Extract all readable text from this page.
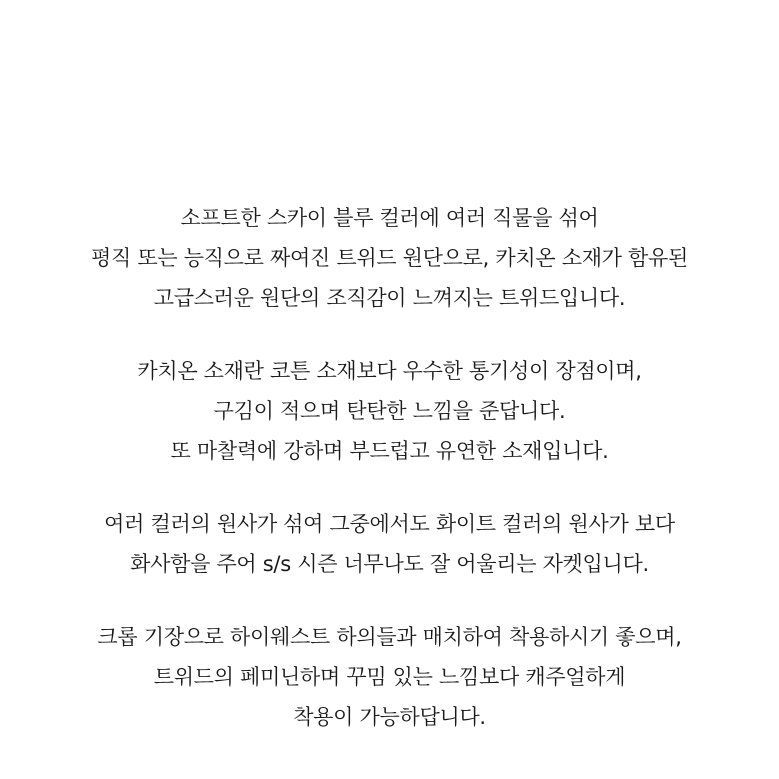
소프트한 스카이 블루 컬러에 여러 직물을 섞어
평직 또는 능직으로 짜여진 트위드 원단으로, 카치온 소재가 함유된
고급스러운 원단의 조직감이 느껴지는 트위드입니다.

카치온 소재란 코튼 소재보다 우수한 통기성이 장점이며,
구김이 적으며 탄탄한 느낌을 준답니다.
또 마찰력에 강하며 부드럽고 유연한 소재입니다.

여러 컬러의 원사가 섞여 그중에서도 화이트 컬러의 원사가 보다
화사함을 주어 s/s 시즌 너무나도 잘 어울리는 자켓입니다.

크롭 기장으로 하이웨스트 하의들과 매치하여 착용하시기 좋으며,
트위드의 페미닌하며 꾸밈 있는 느낌보다 캐주얼하게
착용이 가능하답니다.
